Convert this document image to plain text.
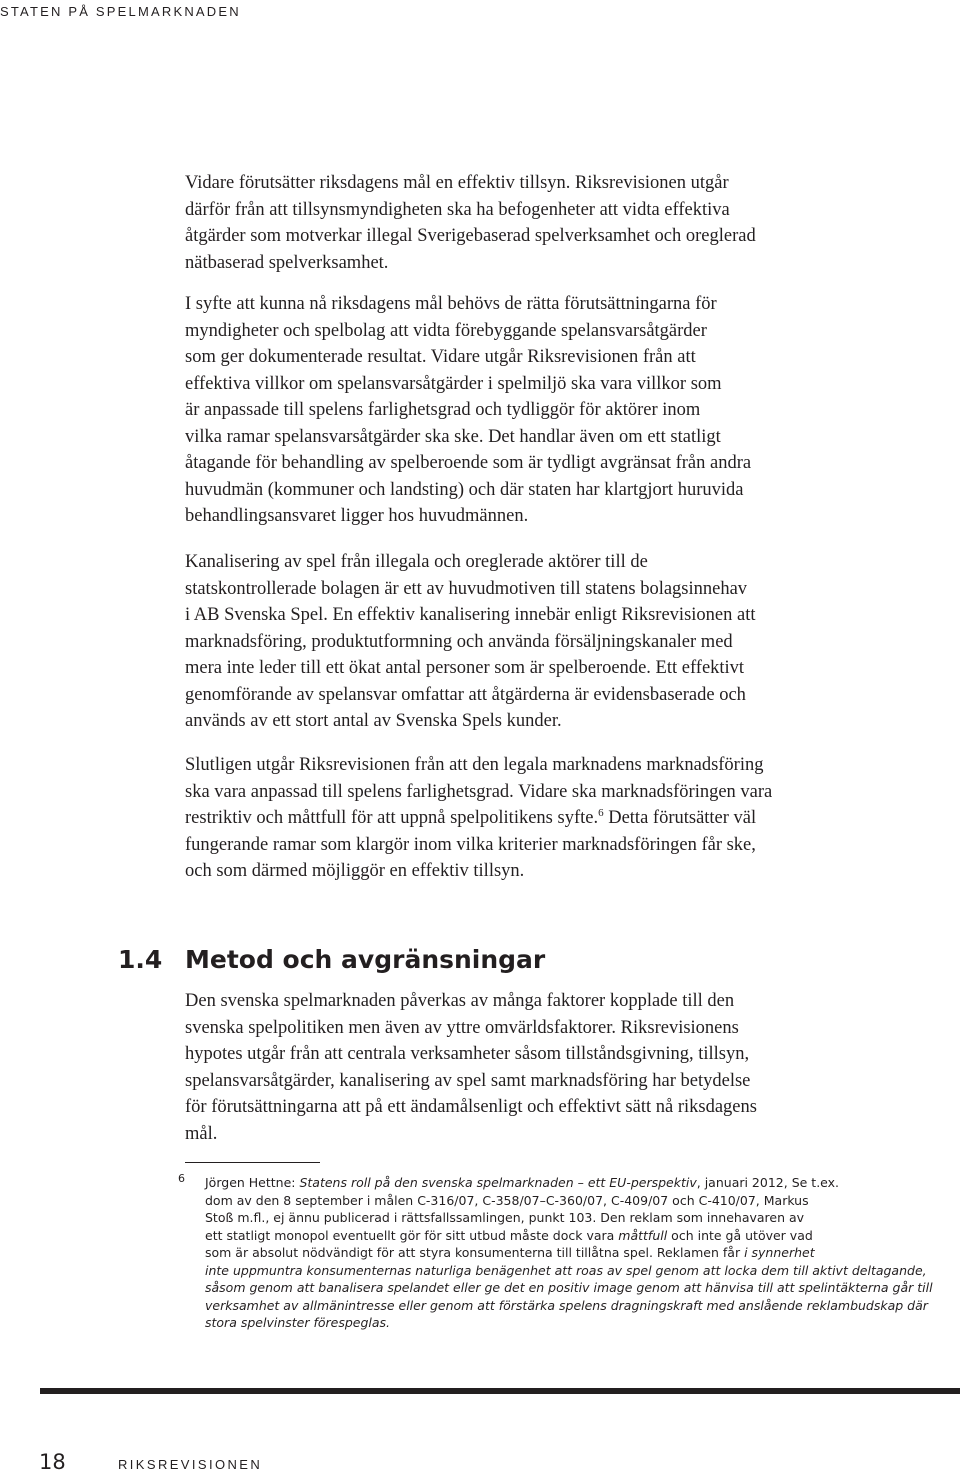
STATEN PÅ SPELMARKNADEN

Vidare förutsätter riksdagens mål en effektiv tillsyn. Riksrevisionen utgår
därför från att tillsynsmyndigheten ska ha befogenheter att vidta effektiva
åtgärder som motverkar illegal Sverigebaserad spelverksamhet och oreglerad
nätbaserad spelverksamhet.

I syfte att kunna nå riksdagens mål behövs de rätta förutsättningarna för
myndigheter och spelbolag att vidta förebyggande spelansvarsåtgärder
som ger dokumenterade resultat. Vidare utgår Riksrevisionen från att
effektiva villkor om spelansvarsåtgärder i spelmiljö ska vara villkor som
är anpassade till spelens farlighetsgrad och tydliggör för aktörer inom
vilka ramar spelansvarsåtgärder ska ske. Det handlar även om ett statligt
åtagande för behandling av spelberoende som är tydligt avgränsat från andra
huvudmän (kommuner och landsting) och där staten har klartgjort huruvida
behandlingsansvaret ligger hos huvudmännen.

Kanalisering av spel från illegala och oreglerade aktörer till de
statskontrollerade bolagen är ett av huvudmotiven till statens bolagsinnehav
i AB Svenska Spel. En effektiv kanalisering innebär enligt Riksrevisionen att
marknadsföring, produktutformning och använda försäljningskanaler med
mera inte leder till ett ökat antal personer som är spelberoende. Ett effektivt
genomförande av spelansvar omfattar att åtgärderna är evidensbaserade och
används av ett stort antal av Svenska Spels kunder.

Slutligen utgår Riksrevisionen från att den legala marknadens marknadsföring
ska vara anpassad till spelens farlighetsgrad. Vidare ska marknadsföringen vara
restriktiv och måttfull för att uppnå spelpolitikens syfte.$^6$ Detta förutsätter väl
fungerande ramar som klargör inom vilka kriterier marknadsföringen får ske,
och som därmed möjliggör en effektiv tillsyn.

1.4 Metod och avgränsningar

Den svenska spelmarknaden påverkas av många faktorer kopplade till den
svenska spelpolitiken men även av yttre omvärldsfaktorer. Riksrevisionens
hypotes utgår från att centrala verksamheter såsom tillståndsgivning, tillsyn,
spelansvarsåtgärder, kanalisering av spel samt marknadsföring har betydelse
för förutsättningarna att på ett ändamålsenligt och effektivt sätt nå riksdagens
mål.

6 Jörgen Hettne: Statens roll på den svenska spelmarknaden – ett EU-perspektiv, januari 2012, Se t.ex.
dom av den 8 september i målen C-316/07, C-358/07–C-360/07, C-409/07 och C-410/07, Markus
Stoß m.fl., ej ännu publicerad i rättsfallssamlingen, punkt 103. Den reklam som innehavaren av
ett statligt monopol eventuellt gör för sitt utbud måste dock vara måttfull och inte gå utöver vad
som är absolut nödvändigt för att styra konsumenterna till tillåtna spel. Reklamen får i synnerhet
inte uppmuntra konsumenternas naturliga benägenhet att roas av spel genom att locka dem till aktivt deltagande, såsom genom att banalisera spelandet eller ge det en positiv image genom att hänvisa till att spelintäkterna går till verksamhet av allmänintresse eller genom att förstärka spelens dragningskraft med anslående reklambudskap där stora spelvinster förespeglas.
18	RIKSREVISIONEN
